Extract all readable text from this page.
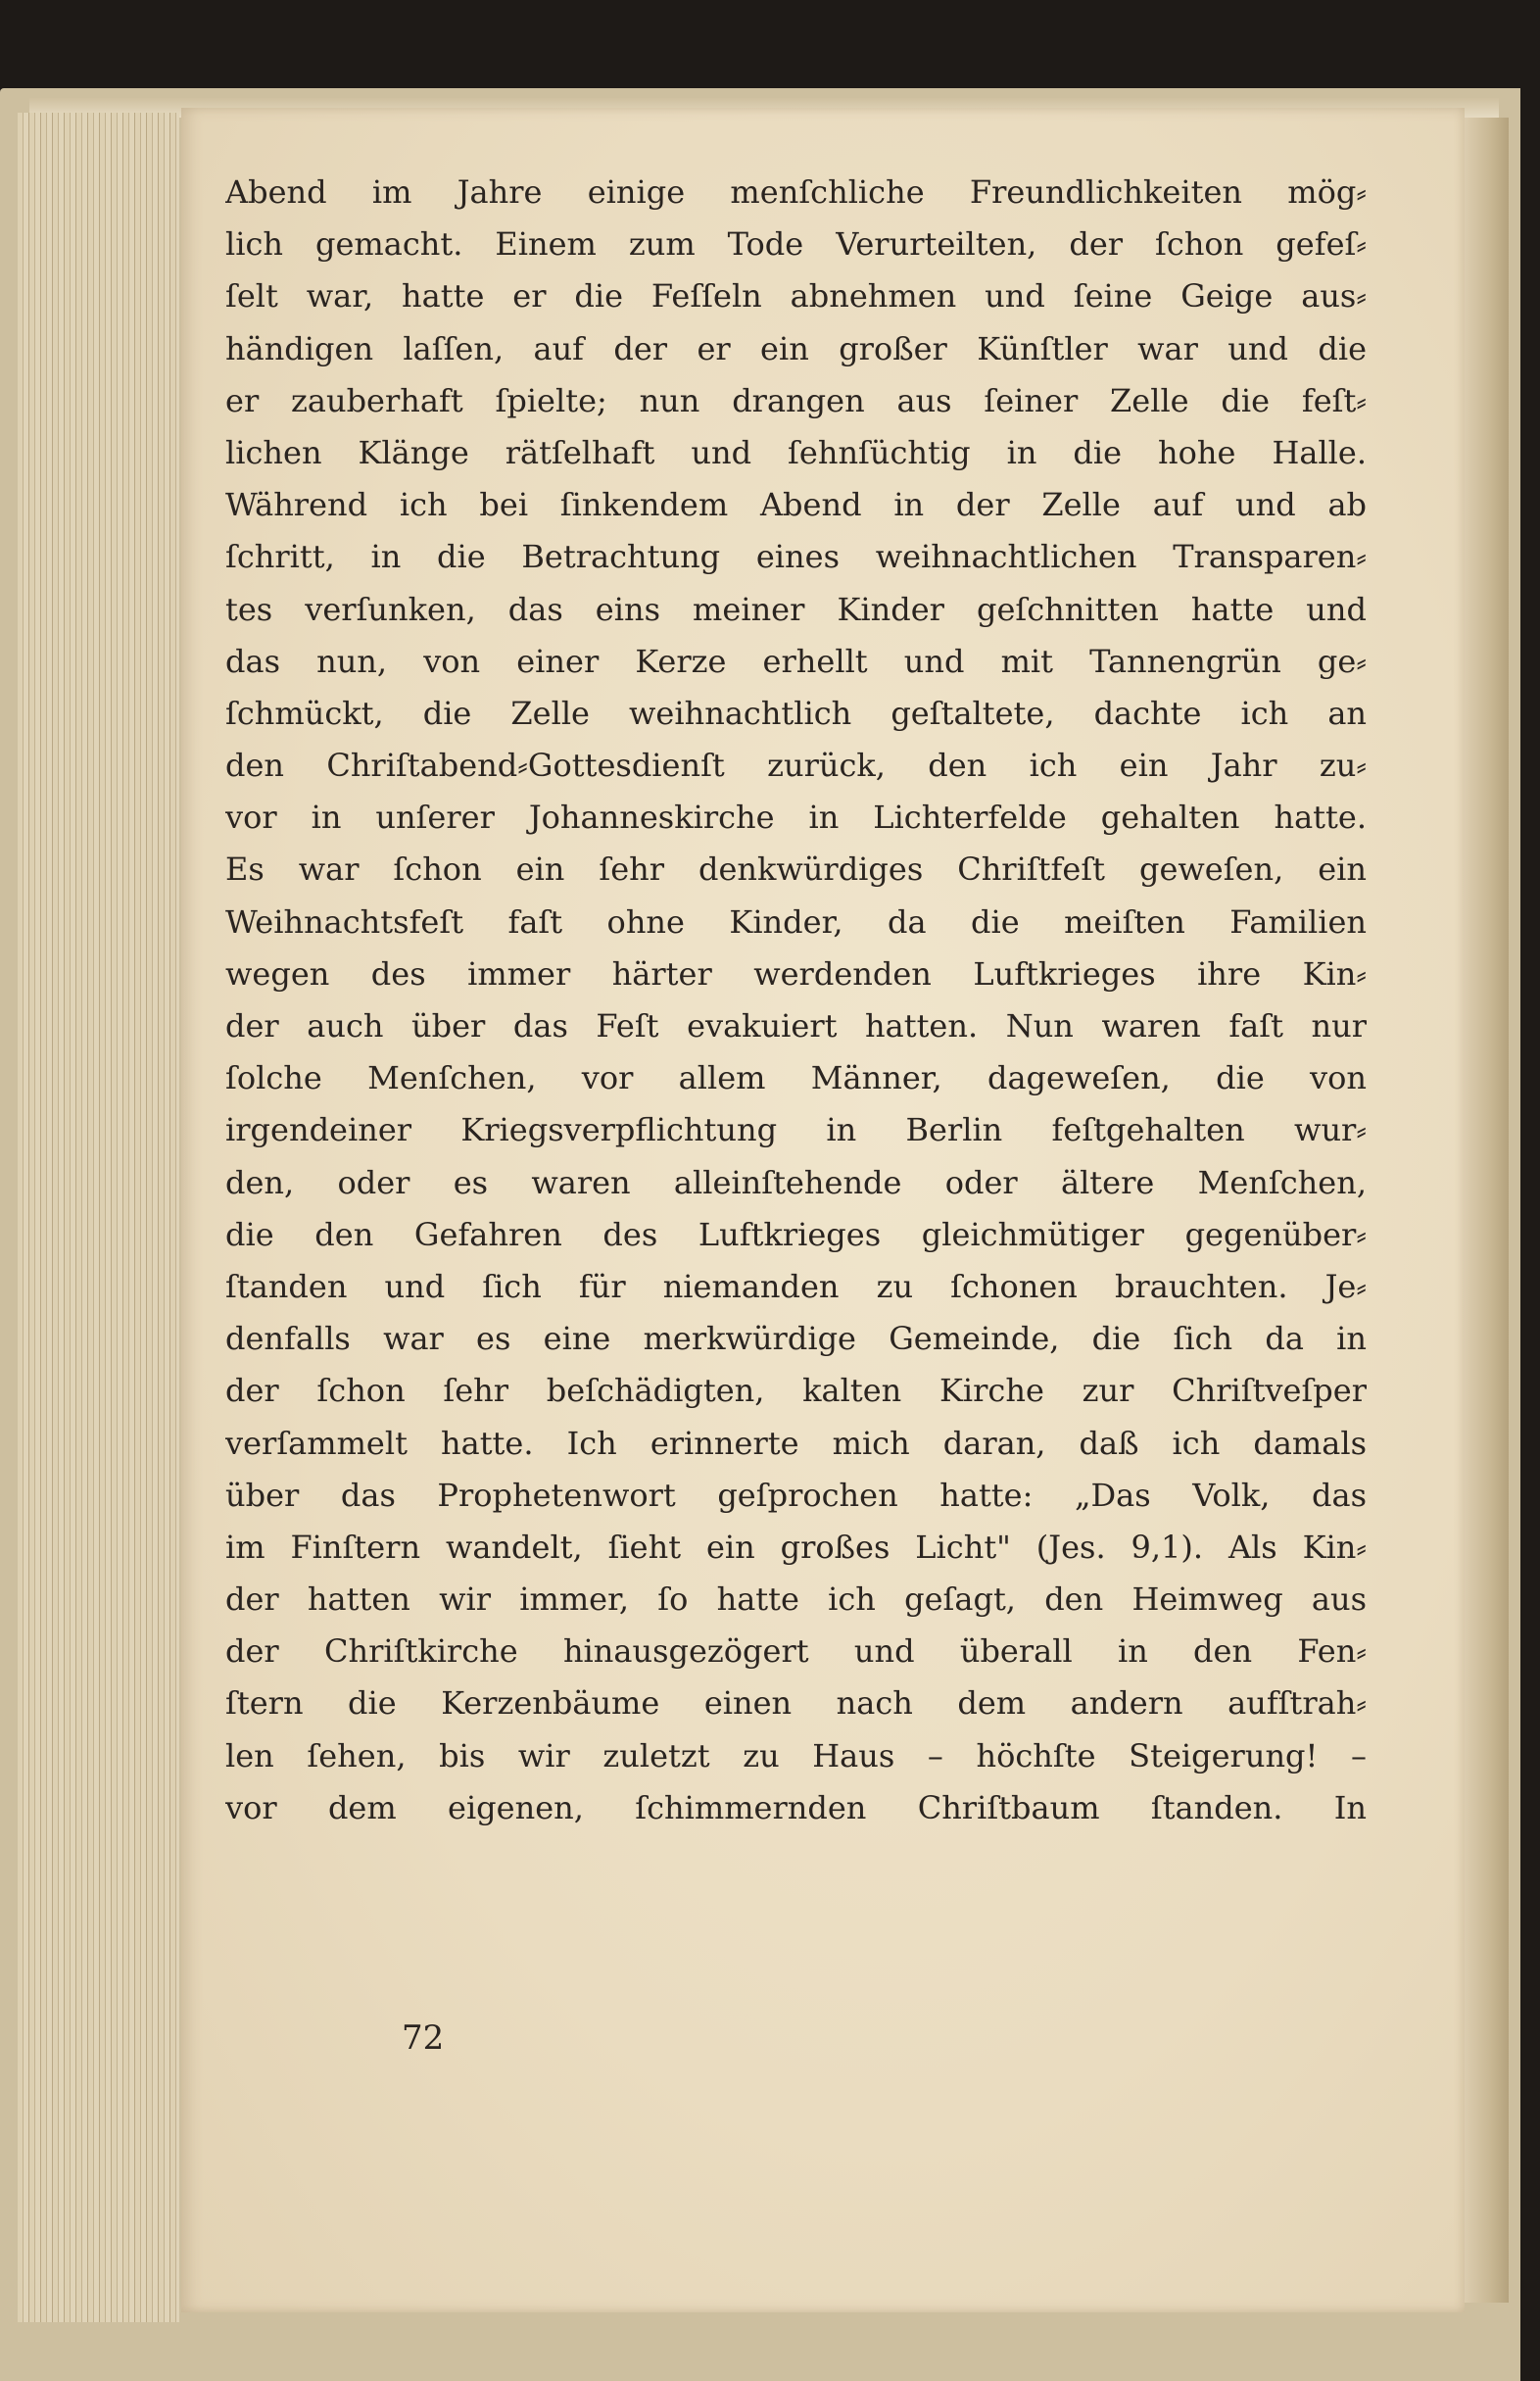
Abend im Jahre einige menſchliche Freundlichkeiten mög⸗
lich gemacht. Einem zum Tode Verurteilten, der ſchon gefeſ⸗
ſelt war, hatte er die Feſſeln abnehmen und ſeine Geige aus⸗
händigen laſſen, auf der er ein großer Künſtler war und die
er zauberhaft ſpielte; nun drangen aus ſeiner Zelle die feſt⸗
lichen Klänge rätſelhaft und ſehnſüchtig in die hohe Halle.
Während ich bei ſinkendem Abend in der Zelle auf und ab
ſchritt, in die Betrachtung eines weihnachtlichen Transparen⸗
tes verſunken, das eins meiner Kinder geſchnitten hatte und
das nun, von einer Kerze erhellt und mit Tannengrün ge⸗
ſchmückt, die Zelle weihnachtlich geſtaltete, dachte ich an
den Chriſtabend⸗Gottesdienſt zurück, den ich ein Jahr zu⸗
vor in unſerer Johanneskirche in Lichterfelde gehalten hatte.
Es war ſchon ein ſehr denkwürdiges Chriſtfeſt geweſen, ein
Weihnachtsfeſt faſt ohne Kinder, da die meiſten Familien
wegen des immer härter werdenden Luftkrieges ihre Kin⸗
der auch über das Feſt evakuiert hatten. Nun waren faſt nur
ſolche Menſchen, vor allem Männer, dageweſen, die von
irgendeiner Kriegsverpflichtung in Berlin feſtgehalten wur⸗
den, oder es waren alleinſtehende oder ältere Menſchen,
die den Gefahren des Luftkrieges gleichmütiger gegenüber⸗
ſtanden und ſich für niemanden zu ſchonen brauchten. Je⸗
denfalls war es eine merkwürdige Gemeinde, die ſich da in
der ſchon ſehr beſchädigten, kalten Kirche zur Chriſtveſper
verſammelt hatte. Ich erinnerte mich daran, daß ich damals
über das Prophetenwort geſprochen hatte: „Das Volk, das
im Finſtern wandelt, ſieht ein großes Licht" (Jes. 9,1). Als Kin⸗
der hatten wir immer, ſo hatte ich geſagt, den Heimweg aus
der Chriſtkirche hinausgezögert und überall in den Fen⸗
ſtern die Kerzenbäume einen nach dem andern aufſtrah⸗
len ſehen, bis wir zuletzt zu Haus – höchſte Steigerung! –
vor dem eigenen, ſchimmernden Chriſtbaum ſtanden. In
72
